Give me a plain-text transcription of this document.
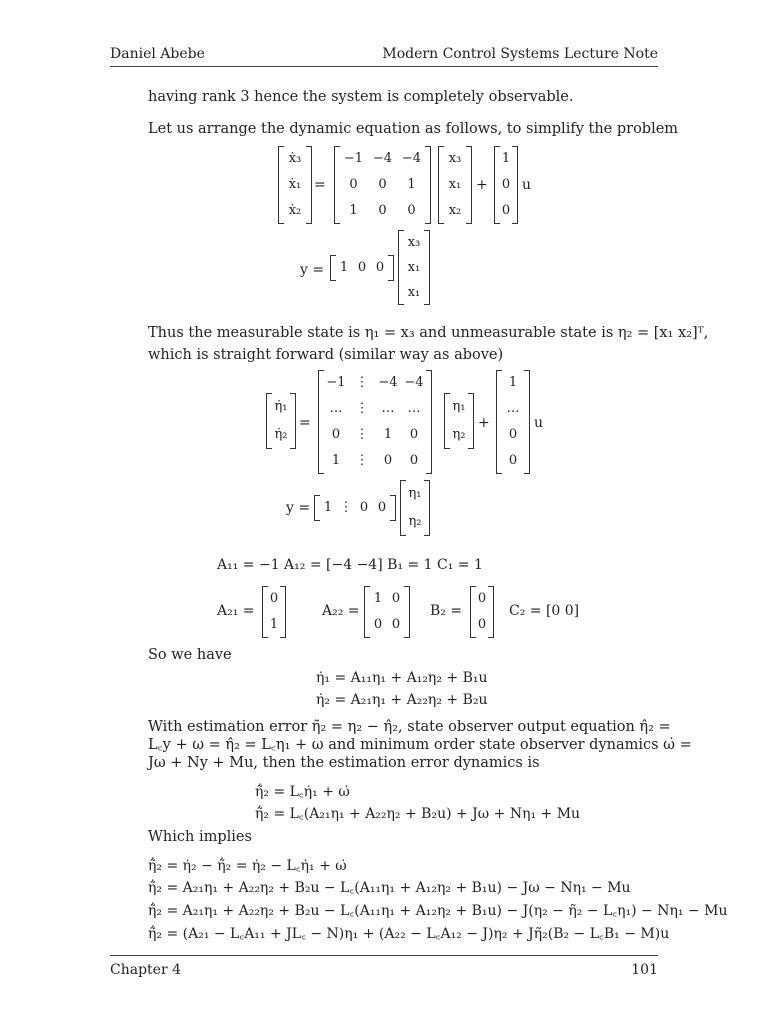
Daniel Abebe	Modern Control Systems Lecture Note
having rank 3 hence the system is completely observable.
Let us arrange the dynamic equation as follows, to simplify the problem
ẋ₃
ẋ₁
ẋ₂
=
−1 −4 −4
0	0	1
1	0	0
x₃
x₁
x₂
+
1
0
0
u
y =	1 0 0
x₃
x₁
x₁
Thus the measurable state is η₁ = x₃ and unmeasurable state is η₂ = [x₁ x₂]ᵀ,
which is straight forward (similar way as above)
η̇₁
η̇₂
=
−1 ⋮ −4 −4
…	⋮	…	…
0	⋮	1	0
1	⋮	0	0
η₁
η₂
+
1
…
0
0
u
y =	1 ⋮ 0 0
η₁
η₂
A₁₁ = −1 A₁₂ = [−4 −4] B₁ = 1 C₁ = 1
A₂₁ =
0
1
A₂₂ =
1 0
0 0
B₂ =
0
0
C₂ = [0 0]
So we have
η̇₁ = A₁₁η₁ + A₁₂η₂ + B₁u
η̇₂ = A₂₁η₁ + A₂₂η₂ + B₂u
With estimation error η̃₂ = η₂ − η̂₂, state observer output equation η̂₂ =
L꜀y + ω = η̂₂ = L꜀η₁ + ω and minimum order state observer dynamics ω̇ =
Jω + Ny + Mu, then the estimation error dynamics is
η̃̇₂ = L꜀η̇₁ + ω̇
η̃̇₂ = L꜀(A₂₁η₁ + A₂₂η₂ + B₂u) + Jω + Nη₁ + Mu
Which implies
η̃̇₂ = η̇₂ − η̃̇₂ = η̇₂ − L꜀η̇₁ + ω̇
η̃̇₂ = A₂₁η₁ + A₂₂η₂ + B₂u − L꜀(A₁₁η₁ + A₁₂η₂ + B₁u) − Jω − Nη₁ − Mu
η̃̇₂ = A₂₁η₁ + A₂₂η₂ + B₂u − L꜀(A₁₁η₁ + A₁₂η₂ + B₁u) − J(η₂ − η̃₂ − L꜀η₁) − Nη₁ − Mu
η̃̇₂ = (A₂₁ − L꜀A₁₁ + JL꜀ − N)η₁ + (A₂₂ − L꜀A₁₂ − J)η₂ + Jη̃₂(B₂ − L꜀B₁ − M)u
Chapter 4	101
